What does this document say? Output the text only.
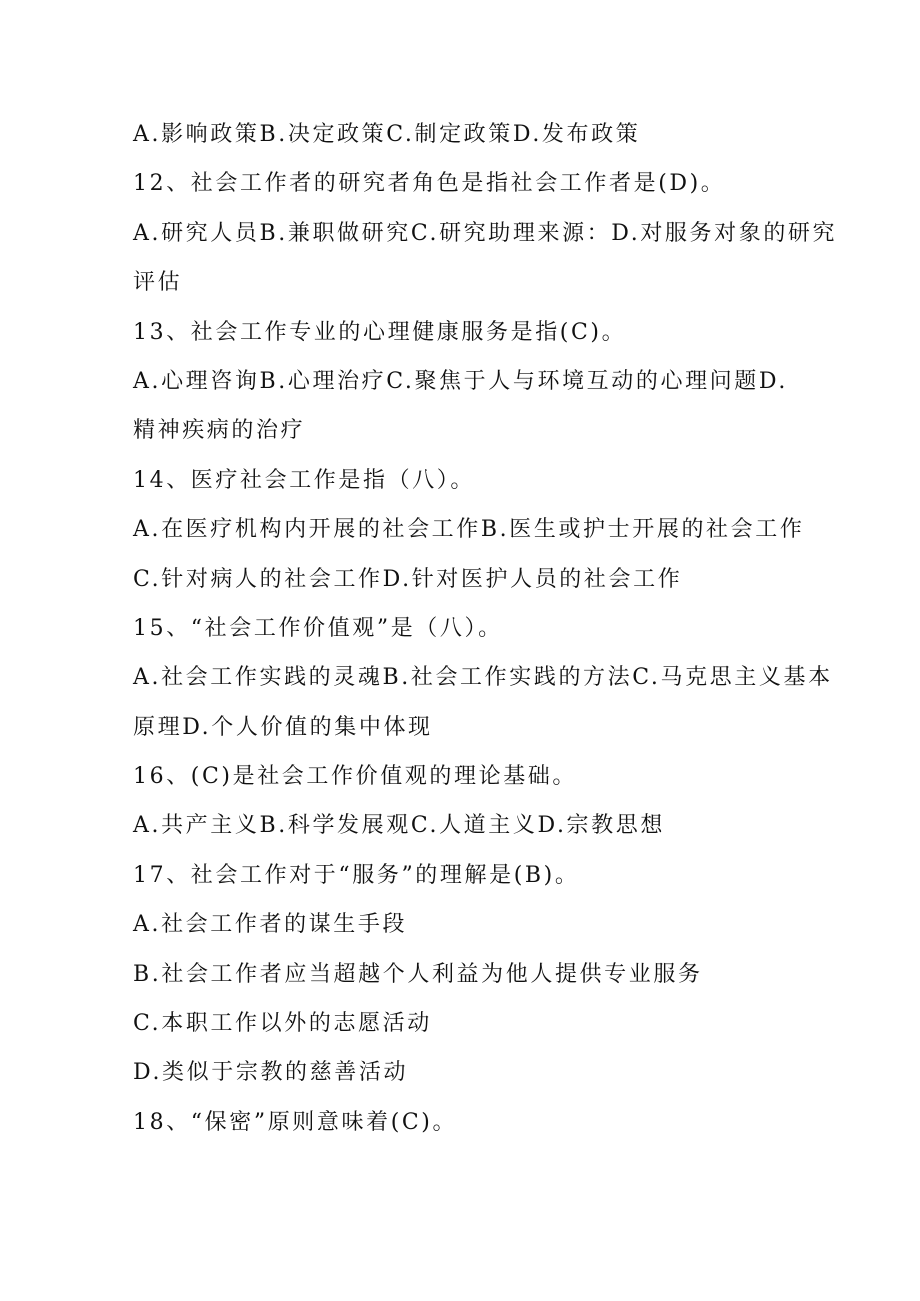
A.影响政策B.决定政策C.制定政策D.发布政策
12、社会工作者的研究者角色是指社会工作者是(D)。
A.研究人员B.兼职做研究C.研究助理来源：D.对服务对象的研究
评估
13、社会工作专业的心理健康服务是指(C)。
A.心理咨询B.心理治疗C.聚焦于人与环境互动的心理问题D.
精神疾病的治疗
14、医疗社会工作是指（八）。
A.在医疗机构内开展的社会工作B.医生或护士开展的社会工作
C.针对病人的社会工作D.针对医护人员的社会工作
15、“社会工作价值观”是（八）。
A.社会工作实践的灵魂B.社会工作实践的方法C.马克思主义基本
原理D.个人价值的集中体现
16、(C)是社会工作价值观的理论基础。
A.共产主义B.科学发展观C.人道主义D.宗教思想
17、社会工作对于“服务”的理解是(B)。
A.社会工作者的谋生手段
B.社会工作者应当超越个人利益为他人提供专业服务
C.本职工作以外的志愿活动
D.类似于宗教的慈善活动
18、“保密”原则意味着(C)。
